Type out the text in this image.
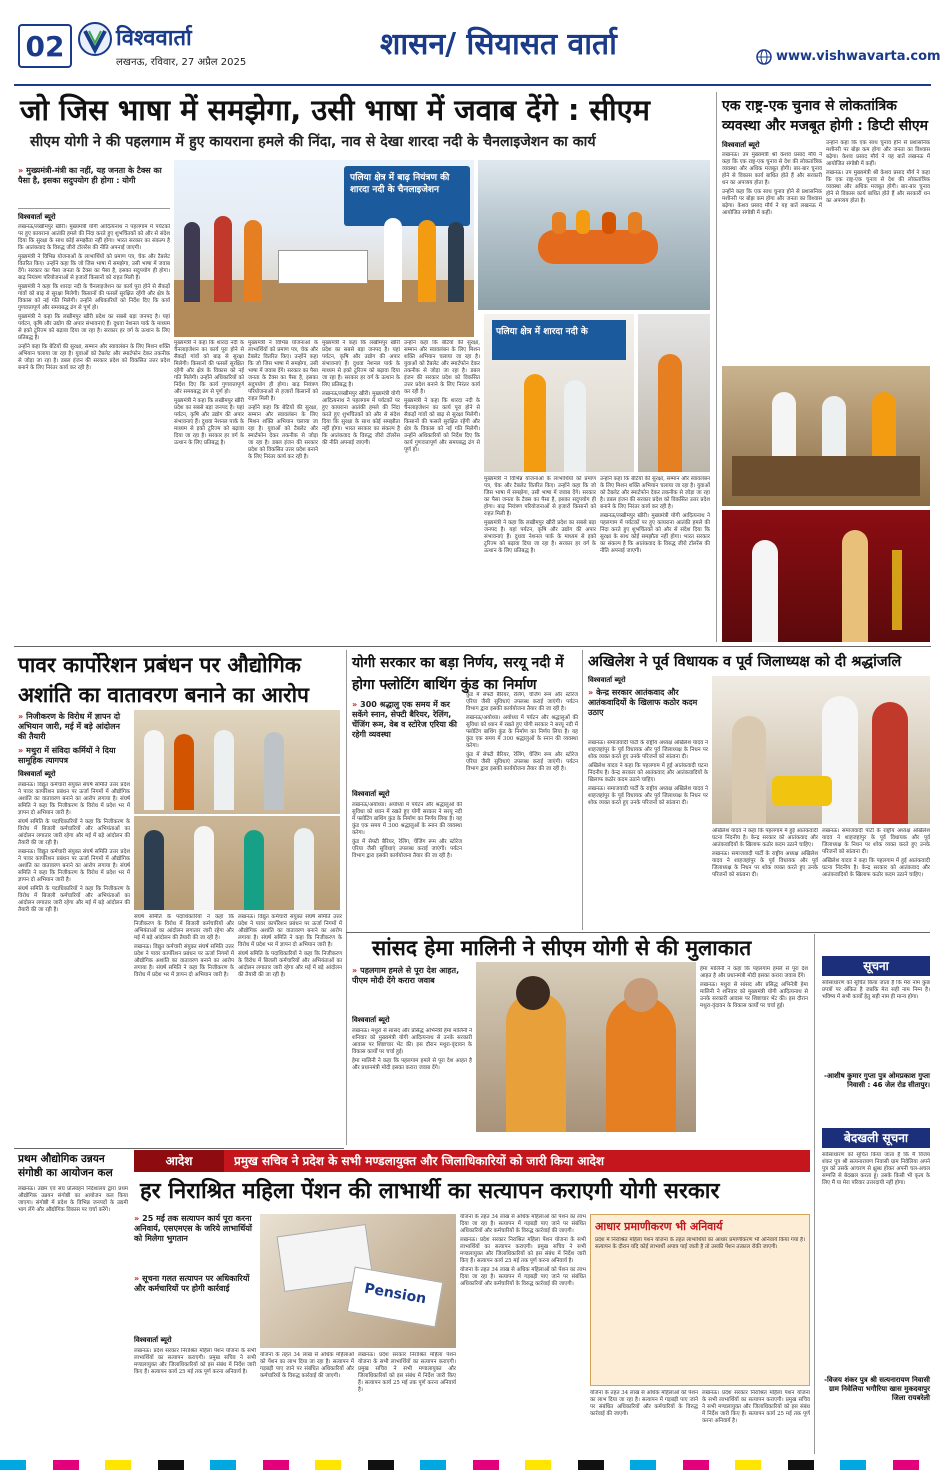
02 विश्ववार्ता
लखनऊ, रविवार, 27 अप्रैल 2025
शासन/ सियासत वार्ता	www.vishwavarta.com
जो जिस भाषा में समझेगा, उसी भाषा में जवाब देंगे : सीएम
सीएम योगी ने की पहलगाम में हुए कायराना हमले की निंदा, नाव से देखा शारदा नदी के चैनलाइजेशन का कार्य
» मुख्यमंत्री-मंत्री का नहीं, यह जनता के टैक्स का पैसा है, इसका सदुपयोग ही होगा : योगी
विश्ववार्ता ब्यूरो

लखनऊ/लखीमपुर खीरी। मुख्यमंत्री योगी आदित्यनाथ ने पहलगाम में पर्यटकों पर हुए कायराना आतंकी हमले की निंदा करते हुए शुभचिंतकों को और से संदेश दिया कि सुरक्षा के साथ कोई समझौता नहीं होगा। भारत सरकार का संकल्प है कि आतंकवाद के विरुद्ध जीरो टॉलरेंस की नीति अपनाई जाएगी।

मुख्यमंत्री ने विभिन्न योजनाओं के लाभार्थियों को प्रमाण पत्र, चेक और टैबलेट वितरित किए। उन्होंने कहा कि जो जिस भाषा में समझेगा, उसी भाषा में जवाब देंगे। सरकार का पैसा जनता के टैक्स का पैसा है, इसका सदुपयोग ही होगा। बाढ़ नियंत्रण परियोजनाओं से हजारों किसानों को राहत मिली है।

मुख्यमंत्री ने कहा कि शारदा नदी के चैनलाइजेशन का कार्य पूरा होने से सैकड़ों गांवों को बाढ़ से सुरक्षा मिलेगी। किसानों की फसलें सुरक्षित रहेंगी और क्षेत्र के विकास को नई गति मिलेगी। उन्होंने अधिकारियों को निर्देश दिए कि कार्य गुणवत्तापूर्ण और समयबद्ध ढंग से पूर्ण हो।

मुख्यमंत्री ने कहा कि लखीमपुर खीरी प्रदेश का सबसे बड़ा जनपद है। यहां पर्यटन, कृषि और उद्योग की अपार संभावनाएं हैं। दुधवा नेशनल पार्क के माध्यम से इको टूरिज्म को बढ़ावा दिया जा रहा है। सरकार हर वर्ग के उत्थान के लिए प्रतिबद्ध है।

उन्होंने कहा कि बेटियों की सुरक्षा, सम्मान और स्वावलंबन के लिए मिशन शक्ति अभियान चलाया जा रहा है। युवाओं को टैबलेट और स्मार्टफोन देकर तकनीक से जोड़ा जा रहा है। डबल इंजन की सरकार प्रदेश को विकसित उत्तर प्रदेश बनाने के लिए निरंतर कार्य कर रही है।

पलिया क्षेत्र में बाढ़ नियंत्रण की शारदा नदी के चैनलाइजेशन

मुख्यमंत्री ने कहा कि शारदा नदी के चैनलाइजेशन का कार्य पूरा होने से सैकड़ों गांवों को बाढ़ से सुरक्षा मिलेगी। किसानों की फसलें सुरक्षित रहेंगी और क्षेत्र के विकास को नई गति मिलेगी। उन्होंने अधिकारियों को निर्देश दिए कि कार्य गुणवत्तापूर्ण और समयबद्ध ढंग से पूर्ण हो।

मुख्यमंत्री ने कहा कि लखीमपुर खीरी प्रदेश का सबसे बड़ा जनपद है। यहां पर्यटन, कृषि और उद्योग की अपार संभावनाएं हैं। दुधवा नेशनल पार्क के माध्यम से इको टूरिज्म को बढ़ावा दिया जा रहा है। सरकार हर वर्ग के उत्थान के लिए प्रतिबद्ध है।

मुख्यमंत्री ने विभिन्न योजनाओं के लाभार्थियों को प्रमाण पत्र, चेक और टैबलेट वितरित किए। उन्होंने कहा कि जो जिस भाषा में समझेगा, उसी भाषा में जवाब देंगे। सरकार का पैसा जनता के टैक्स का पैसा है, इसका सदुपयोग ही होगा। बाढ़ नियंत्रण परियोजनाओं से हजारों किसानों को राहत मिली है।

उन्होंने कहा कि बेटियों की सुरक्षा, सम्मान और स्वावलंबन के लिए मिशन शक्ति अभियान चलाया जा रहा है। युवाओं को टैबलेट और स्मार्टफोन देकर तकनीक से जोड़ा जा रहा है। डबल इंजन की सरकार प्रदेश को विकसित उत्तर प्रदेश बनाने के लिए निरंतर कार्य कर रही है।

मुख्यमंत्री ने कहा कि लखीमपुर खीरी प्रदेश का सबसे बड़ा जनपद है। यहां पर्यटन, कृषि और उद्योग की अपार संभावनाएं हैं। दुधवा नेशनल पार्क के माध्यम से इको टूरिज्म को बढ़ावा दिया जा रहा है। सरकार हर वर्ग के उत्थान के लिए प्रतिबद्ध है।

लखनऊ/लखीमपुर खीरी। मुख्यमंत्री योगी आदित्यनाथ ने पहलगाम में पर्यटकों पर हुए कायराना आतंकी हमले की निंदा करते हुए शुभचिंतकों को और से संदेश दिया कि सुरक्षा के साथ कोई समझौता नहीं होगा। भारत सरकार का संकल्प है कि आतंकवाद के विरुद्ध जीरो टॉलरेंस की नीति अपनाई जाएगी।

उन्होंने कहा कि बेटियों की सुरक्षा, सम्मान और स्वावलंबन के लिए मिशन शक्ति अभियान चलाया जा रहा है। युवाओं को टैबलेट और स्मार्टफोन देकर तकनीक से जोड़ा जा रहा है। डबल इंजन की सरकार प्रदेश को विकसित उत्तर प्रदेश बनाने के लिए निरंतर कार्य कर रही है।

मुख्यमंत्री ने कहा कि शारदा नदी के चैनलाइजेशन का कार्य पूरा होने से सैकड़ों गांवों को बाढ़ से सुरक्षा मिलेगी। किसानों की फसलें सुरक्षित रहेंगी और क्षेत्र के विकास को नई गति मिलेगी। उन्होंने अधिकारियों को निर्देश दिए कि कार्य गुणवत्तापूर्ण और समयबद्ध ढंग से पूर्ण हो।

पलिया क्षेत्र में शारदा नदी के

मुख्यमंत्री ने विभिन्न योजनाओं के लाभार्थियों को प्रमाण पत्र, चेक और टैबलेट वितरित किए। उन्होंने कहा कि जो जिस भाषा में समझेगा, उसी भाषा में जवाब देंगे। सरकार का पैसा जनता के टैक्स का पैसा है, इसका सदुपयोग ही होगा। बाढ़ नियंत्रण परियोजनाओं से हजारों किसानों को राहत मिली है।

मुख्यमंत्री ने कहा कि लखीमपुर खीरी प्रदेश का सबसे बड़ा जनपद है। यहां पर्यटन, कृषि और उद्योग की अपार संभावनाएं हैं। दुधवा नेशनल पार्क के माध्यम से इको टूरिज्म को बढ़ावा दिया जा रहा है। सरकार हर वर्ग के उत्थान के लिए प्रतिबद्ध है।

उन्होंने कहा कि बेटियों की सुरक्षा, सम्मान और स्वावलंबन के लिए मिशन शक्ति अभियान चलाया जा रहा है। युवाओं को टैबलेट और स्मार्टफोन देकर तकनीक से जोड़ा जा रहा है। डबल इंजन की सरकार प्रदेश को विकसित उत्तर प्रदेश बनाने के लिए निरंतर कार्य कर रही है।

लखनऊ/लखीमपुर खीरी। मुख्यमंत्री योगी आदित्यनाथ ने पहलगाम में पर्यटकों पर हुए कायराना आतंकी हमले की निंदा करते हुए शुभचिंतकों को और से संदेश दिया कि सुरक्षा के साथ कोई समझौता नहीं होगा। भारत सरकार का संकल्प है कि आतंकवाद के विरुद्ध जीरो टॉलरेंस की नीति अपनाई जाएगी।

एक राष्ट्र-एक चुनाव से लोकतांत्रिक व्यवस्था और मजबूत होगी : डिप्टी सीएम
विश्ववार्ता ब्यूरो

लखनऊ। उप मुख्यमंत्री श्री केशव प्रसाद मौर्य ने कहा कि एक राष्ट्र-एक चुनाव से देश की लोकतांत्रिक व्यवस्था और अधिक मजबूत होगी। बार-बार चुनाव होने से विकास कार्य बाधित होते हैं और सरकारी धन का अपव्यय होता है।

उन्होंने कहा कि एक साथ चुनाव होने से प्रशासनिक मशीनरी पर बोझ कम होगा और जनता का विश्वास बढ़ेगा। केशव प्रसाद मौर्य ने यह बातें लखनऊ में आयोजित संगोष्ठी में कहीं।

उन्होंने कहा कि एक साथ चुनाव होने से प्रशासनिक मशीनरी पर बोझ कम होगा और जनता का विश्वास बढ़ेगा। केशव प्रसाद मौर्य ने यह बातें लखनऊ में आयोजित संगोष्ठी में कहीं।

लखनऊ। उप मुख्यमंत्री श्री केशव प्रसाद मौर्य ने कहा कि एक राष्ट्र-एक चुनाव से देश की लोकतांत्रिक व्यवस्था और अधिक मजबूत होगी। बार-बार चुनाव होने से विकास कार्य बाधित होते हैं और सरकारी धन का अपव्यय होता है।

पावर कार्पोरेशन प्रबंधन पर औद्योगिक अशांति का वातावरण बनाने का आरोप
» निजीकरण के विरोध में ज्ञापन दो अभियान जारी, मई में बड़े आंदोलन की तैयारी
» मथुरा में संविदा कर्मियों ने दिया सामूहिक त्यागपत्र
विश्ववार्ता ब्यूरो

लखनऊ। विद्युत कर्मचारी संयुक्त संघर्ष समिति उत्तर प्रदेश ने पावर कार्पोरेशन प्रबंधन पर ऊर्जा निगमों में औद्योगिक अशांति का वातावरण बनाने का आरोप लगाया है। संघर्ष समिति ने कहा कि निजीकरण के विरोध में प्रदेश भर में ज्ञापन दो अभियान जारी है।

संघर्ष समिति के पदाधिकारियों ने कहा कि निजीकरण के विरोध में बिजली कर्मचारियों और अभियंताओं का आंदोलन लगातार जारी रहेगा और मई में बड़े आंदोलन की तैयारी की जा रही है।

लखनऊ। विद्युत कर्मचारी संयुक्त संघर्ष समिति उत्तर प्रदेश ने पावर कार्पोरेशन प्रबंधन पर ऊर्जा निगमों में औद्योगिक अशांति का वातावरण बनाने का आरोप लगाया है। संघर्ष समिति ने कहा कि निजीकरण के विरोध में प्रदेश भर में ज्ञापन दो अभियान जारी है।

संघर्ष समिति के पदाधिकारियों ने कहा कि निजीकरण के विरोध में बिजली कर्मचारियों और अभियंताओं का आंदोलन लगातार जारी रहेगा और मई में बड़े आंदोलन की तैयारी की जा रही है।

संघर्ष समिति के पदाधिकारियों ने कहा कि निजीकरण के विरोध में बिजली कर्मचारियों और अभियंताओं का आंदोलन लगातार जारी रहेगा और मई में बड़े आंदोलन की तैयारी की जा रही है।

लखनऊ। विद्युत कर्मचारी संयुक्त संघर्ष समिति उत्तर प्रदेश ने पावर कार्पोरेशन प्रबंधन पर ऊर्जा निगमों में औद्योगिक अशांति का वातावरण बनाने का आरोप लगाया है। संघर्ष समिति ने कहा कि निजीकरण के विरोध में प्रदेश भर में ज्ञापन दो अभियान जारी है।

लखनऊ। विद्युत कर्मचारी संयुक्त संघर्ष समिति उत्तर प्रदेश ने पावर कार्पोरेशन प्रबंधन पर ऊर्जा निगमों में औद्योगिक अशांति का वातावरण बनाने का आरोप लगाया है। संघर्ष समिति ने कहा कि निजीकरण के विरोध में प्रदेश भर में ज्ञापन दो अभियान जारी है।

संघर्ष समिति के पदाधिकारियों ने कहा कि निजीकरण के विरोध में बिजली कर्मचारियों और अभियंताओं का आंदोलन लगातार जारी रहेगा और मई में बड़े आंदोलन की तैयारी की जा रही है।

योगी सरकार का बड़ा निर्णय, सरयू नदी में होगा फ्लोटिंग बाथिंग कुंड का निर्माण
» 300 श्रद्धालु एक समय में कर सकेंगे स्नान, सेफ्टी बैरियर, रेलिंग, चेंजिंग रूम, वेब व स्टोरेज एरिया की रहेगी व्यवस्था
विश्ववार्ता ब्यूरो

लखनऊ/अयोध्या। अयोध्या में पर्यटन और श्रद्धालुओं की सुविधा को ध्यान में रखते हुए योगी सरकार ने सरयू नदी में फ्लोटिंग बाथिंग कुंड के निर्माण का निर्णय लिया है। यह कुंड एक समय में 300 श्रद्धालुओं के स्नान की व्यवस्था करेगा।

कुंड में सेफ्टी बैरियर, रेलिंग, चेंजिंग रूम और स्टोरेज एरिया जैसी सुविधाएं उपलब्ध कराई जाएंगी। पर्यटन विभाग द्वारा इसकी कार्ययोजना तैयार की जा रही है।

कुंड में सेफ्टी बैरियर, रेलिंग, चेंजिंग रूम और स्टोरेज एरिया जैसी सुविधाएं उपलब्ध कराई जाएंगी। पर्यटन विभाग द्वारा इसकी कार्ययोजना तैयार की जा रही है।

लखनऊ/अयोध्या। अयोध्या में पर्यटन और श्रद्धालुओं की सुविधा को ध्यान में रखते हुए योगी सरकार ने सरयू नदी में फ्लोटिंग बाथिंग कुंड के निर्माण का निर्णय लिया है। यह कुंड एक समय में 300 श्रद्धालुओं के स्नान की व्यवस्था करेगा।

कुंड में सेफ्टी बैरियर, रेलिंग, चेंजिंग रूम और स्टोरेज एरिया जैसी सुविधाएं उपलब्ध कराई जाएंगी। पर्यटन विभाग द्वारा इसकी कार्ययोजना तैयार की जा रही है।

अखिलेश ने पूर्व विधायक व पूर्व जिलाध्यक्ष को दी श्रद्धांजलि
विश्ववार्ता ब्यूरो
» केन्द्र सरकार आतंकवाद और आतंकवादियों के खिलाफ कठोर कदम उठाए

लखनऊ। समाजवादी पार्टी के राष्ट्रीय अध्यक्ष अखिलेश यादव ने शाहजहांपुर के पूर्व विधायक और पूर्व जिलाध्यक्ष के निधन पर शोक व्यक्त करते हुए उनके परिजनों को सांत्वना दी।

अखिलेश यादव ने कहा कि पहलगाम में हुई आतंकवादी घटना निंदनीय है। केन्द्र सरकार को आतंकवाद और आतंकवादियों के खिलाफ कठोर कदम उठाने चाहिए।

लखनऊ। समाजवादी पार्टी के राष्ट्रीय अध्यक्ष अखिलेश यादव ने शाहजहांपुर के पूर्व विधायक और पूर्व जिलाध्यक्ष के निधन पर शोक व्यक्त करते हुए उनके परिजनों को सांत्वना दी।

अखिलेश यादव ने कहा कि पहलगाम में हुई आतंकवादी घटना निंदनीय है। केन्द्र सरकार को आतंकवाद और आतंकवादियों के खिलाफ कठोर कदम उठाने चाहिए।

लखनऊ। समाजवादी पार्टी के राष्ट्रीय अध्यक्ष अखिलेश यादव ने शाहजहांपुर के पूर्व विधायक और पूर्व जिलाध्यक्ष के निधन पर शोक व्यक्त करते हुए उनके परिजनों को सांत्वना दी।

लखनऊ। समाजवादी पार्टी के राष्ट्रीय अध्यक्ष अखिलेश यादव ने शाहजहांपुर के पूर्व विधायक और पूर्व जिलाध्यक्ष के निधन पर शोक व्यक्त करते हुए उनके परिजनों को सांत्वना दी।

अखिलेश यादव ने कहा कि पहलगाम में हुई आतंकवादी घटना निंदनीय है। केन्द्र सरकार को आतंकवाद और आतंकवादियों के खिलाफ कठोर कदम उठाने चाहिए।

सांसद हेमा मालिनी ने सीएम योगी से की मुलाकात
» पहलगाम हमले से पूरा देश आहत, पीएम मोदी देंगे करारा जवाब
विश्ववार्ता ब्यूरो

लखनऊ। मथुरा से सांसद और प्रसिद्ध अभिनेत्री हेमा मालिनी ने शनिवार को मुख्यमंत्री योगी आदित्यनाथ से उनके सरकारी आवास पर शिष्टाचार भेंट की। इस दौरान मथुरा-वृंदावन के विकास कार्यों पर चर्चा हुई।

हेमा मालिनी ने कहा कि पहलगाम हमले से पूरा देश आहत है और प्रधानमंत्री मोदी इसका करारा जवाब देंगे।

हेमा मालिनी ने कहा कि पहलगाम हमले से पूरा देश आहत है और प्रधानमंत्री मोदी इसका करारा जवाब देंगे।

लखनऊ। मथुरा से सांसद और प्रसिद्ध अभिनेत्री हेमा मालिनी ने शनिवार को मुख्यमंत्री योगी आदित्यनाथ से उनके सरकारी आवास पर शिष्टाचार भेंट की। इस दौरान मथुरा-वृंदावन के विकास कार्यों पर चर्चा हुई।

सूचना
सर्वसाधारण को सूचित किया जाता है कि मेरा नाम कुछ प्रपत्रों पर अंकित है जबकि मेरा सही नाम निम्न है। भविष्य में सभी कार्यों हेतु सही नाम ही मान्य होगा।
-आशीष कुमार गुप्ता पुत्र ओमप्रकाश गुप्ता निवासी : 46 जेल रोड सीतापुर।
बेदखली सूचना
सर्वसाधारण को सूचित किया जाता है कि मैं विजय शंकर पुत्र श्री सत्यनारायण निवासी ग्राम निवेलिया अपने पुत्र को उसके आचरण से क्षुब्ध होकर अपनी चल-अचल सम्पत्ति से बेदखल करता हूं। उसके किसी भी कृत्य के लिए मैं या मेरा परिवार उत्तरदायी नहीं होगा।
-विजय शंकर पुत्र श्री सत्यनारायण निवासी ग्राम निवेलिया भगौरिया खास मुकदवापुर जिला रायबरेली
प्रथम औद्योगिक उन्नयन संगोष्ठी का आयोजन कल
लखनऊ। उद्यम एवं संघ प्रोत्साहन निदेशालय द्वारा प्रथम औद्योगिक उन्नयन संगोष्ठी का आयोजन कल किया जाएगा। संगोष्ठी में प्रदेश के विभिन्न जनपदों के उद्यमी भाग लेंगे और औद्योगिक विकास पर चर्चा करेंगे।
आदेश	प्रमुख सचिव ने प्रदेश के सभी मण्डलायुक्त और जिलाधिकारियों को जारी किया आदेश
हर निराश्रित महिला पेंशन की लाभार्थी का सत्यापन कराएगी योगी सरकार
» 25 मई तक सत्यापन कार्य पूरा करना अनिवार्य, एसएमएस के जरिये लाभार्थियों को मिलेगा भुगतान
» सूचना गलत सत्यापन पर अधिकारियों और कर्मचारियों पर होगी कार्रवाई
विश्ववार्ता ब्यूरो

लखनऊ। प्रदेश सरकार निराश्रित महिला पेंशन योजना के सभी लाभार्थियों का सत्यापन कराएगी। प्रमुख सचिव ने सभी मण्डलायुक्त और जिलाधिकारियों को इस संबंध में निर्देश जारी किए हैं। सत्यापन कार्य 25 मई तक पूर्ण करना अनिवार्य है।

Pension

योजना के तहत 34 लाख से अधिक महिलाओं को पेंशन का लाभ दिया जा रहा है। सत्यापन में गड़बड़ी पाए जाने पर संबंधित अधिकारियों और कर्मचारियों के विरुद्ध कार्रवाई की जाएगी।

लखनऊ। प्रदेश सरकार निराश्रित महिला पेंशन योजना के सभी लाभार्थियों का सत्यापन कराएगी। प्रमुख सचिव ने सभी मण्डलायुक्त और जिलाधिकारियों को इस संबंध में निर्देश जारी किए हैं। सत्यापन कार्य 25 मई तक पूर्ण करना अनिवार्य है।

योजना के तहत 34 लाख से अधिक महिलाओं को पेंशन का लाभ दिया जा रहा है। सत्यापन में गड़बड़ी पाए जाने पर संबंधित अधिकारियों और कर्मचारियों के विरुद्ध कार्रवाई की जाएगी।

लखनऊ। प्रदेश सरकार निराश्रित महिला पेंशन योजना के सभी लाभार्थियों का सत्यापन कराएगी। प्रमुख सचिव ने सभी मण्डलायुक्त और जिलाधिकारियों को इस संबंध में निर्देश जारी किए हैं। सत्यापन कार्य 25 मई तक पूर्ण करना अनिवार्य है।

योजना के तहत 34 लाख से अधिक महिलाओं को पेंशन का लाभ दिया जा रहा है। सत्यापन में गड़बड़ी पाए जाने पर संबंधित अधिकारियों और कर्मचारियों के विरुद्ध कार्रवाई की जाएगी।

आधार प्रमाणीकरण भी अनिवार्य
प्रदेश में निराश्रित महिला पेंशन योजना के तहत लाभार्थियों का आधार प्रमाणीकरण भी अनिवार्य किया गया है। सत्यापन के दौरान यदि कोई लाभार्थी अपात्र पाई जाती है तो उसकी पेंशन तत्काल रोकी जाएगी।

योजना के तहत 34 लाख से अधिक महिलाओं को पेंशन का लाभ दिया जा रहा है। सत्यापन में गड़बड़ी पाए जाने पर संबंधित अधिकारियों और कर्मचारियों के विरुद्ध कार्रवाई की जाएगी।

लखनऊ। प्रदेश सरकार निराश्रित महिला पेंशन योजना के सभी लाभार्थियों का सत्यापन कराएगी। प्रमुख सचिव ने सभी मण्डलायुक्त और जिलाधिकारियों को इस संबंध में निर्देश जारी किए हैं। सत्यापन कार्य 25 मई तक पूर्ण करना अनिवार्य है।
